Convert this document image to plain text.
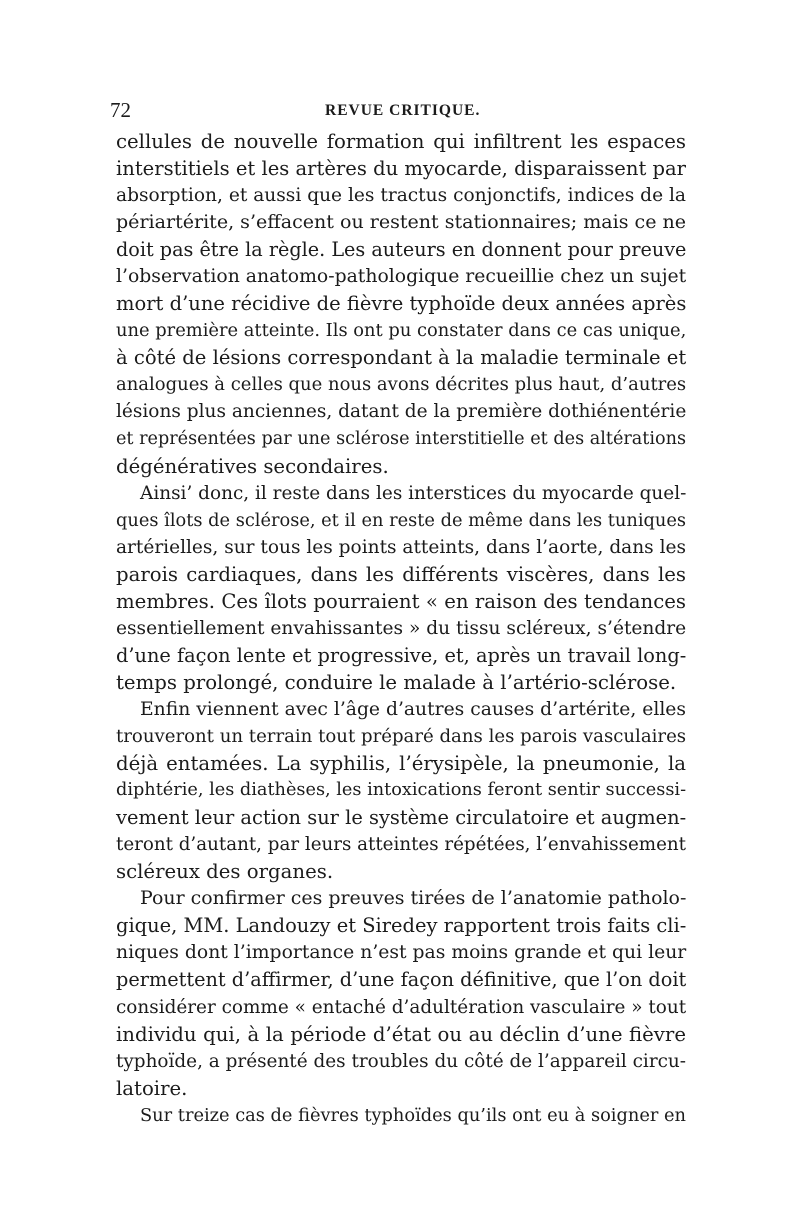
72	REVUE CRITIQUE.
cellules de nouvelle formation qui infiltrent les espaces
interstitiels et les artères du myocarde, disparaissent par
absorption, et aussi que les tractus conjonctifs, indices de la
périartérite, s’effacent ou restent stationnaires; mais ce ne
doit pas être la règle. Les auteurs en donnent pour preuve
l’observation anatomo-pathologique recueillie chez un sujet
mort d’une récidive de fièvre typhoïde deux années après
une première atteinte. Ils ont pu constater dans ce cas unique,
à côté de lésions correspondant à la maladie terminale et
analogues à celles que nous avons décrites plus haut, d’autres
lésions plus anciennes, datant de la première dothiénentérie
et représentées par une sclérose interstitielle et des altérations
dégénératives secondaires.
Ainsi’ donc, il reste dans les interstices du myocarde quel-
ques îlots de sclérose, et il en reste de même dans les tuniques
artérielles, sur tous les points atteints, dans l’aorte, dans les
parois cardiaques, dans les différents viscères, dans les
membres. Ces îlots pourraient « en raison des tendances
essentiellement envahissantes » du tissu scléreux, s’étendre
d’une façon lente et progressive, et, après un travail long-
temps prolongé, conduire le malade à l’artério-sclérose.
Enfin viennent avec l’âge d’autres causes d’artérite, elles
trouveront un terrain tout préparé dans les parois vasculaires
déjà entamées. La syphilis, l’érysipèle, la pneumonie, la
diphtérie, les diathèses, les intoxications feront sentir successi-
vement leur action sur le système circulatoire et augmen-
teront d’autant, par leurs atteintes répétées, l’envahissement
scléreux des organes.
Pour confirmer ces preuves tirées de l’anatomie patholo-
gique, MM. Landouzy et Siredey rapportent trois faits cli-
niques dont l’importance n’est pas moins grande et qui leur
permettent d’affirmer, d’une façon définitive, que l’on doit
considérer comme « entaché d’adultération vasculaire » tout
individu qui, à la période d’état ou au déclin d’une fièvre
typhoïde, a présenté des troubles du côté de l’appareil circu-
latoire.
Sur treize cas de fièvres typhoïdes qu’ils ont eu à soigner en
